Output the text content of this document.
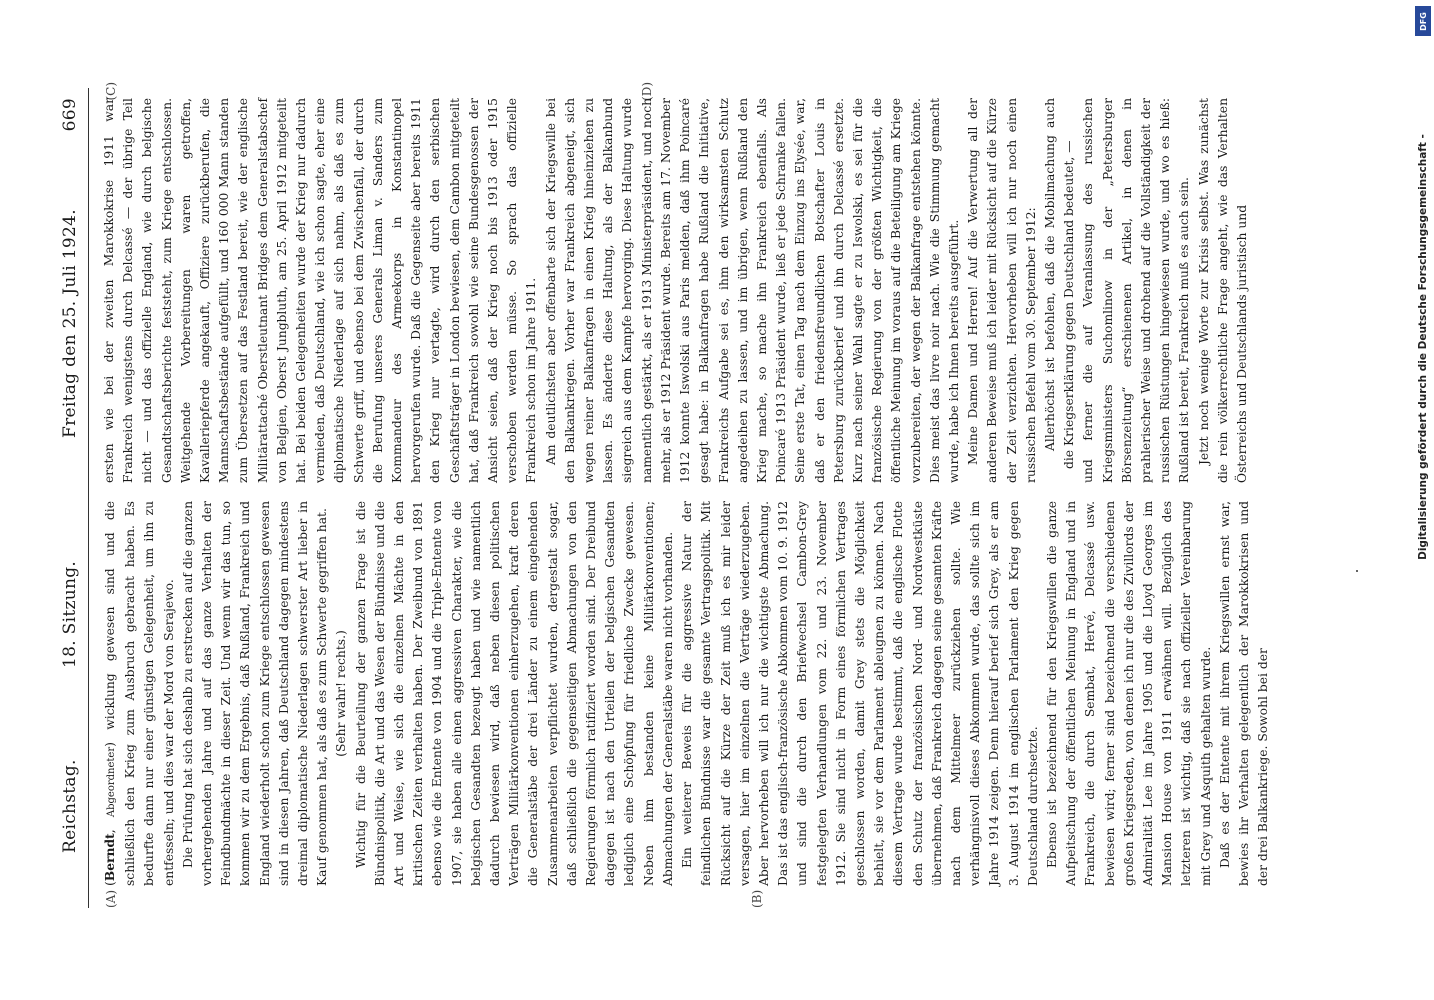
Reichstag.
18. Sitzung.
Freitag den 25. Juli 1924.
669
(A)	(B)
(C)	(D)

(Berndt, Abgeordneter) wicklung gewesen sind und die schließlich den Krieg zum Ausbruch gebracht haben. Es bedurfte dann nur einer günstigen Gelegenheit, um ihn zu entfesseln; und dies war der Mord von Serajewo. Die Prüfung hat sich deshalb zu erstrecken auf die ganzen vorhergehenden Jahre und auf das ganze Verhalten der Feindbundmächte in dieser Zeit. Und wenn wir das tun, so kommen wir zu dem Ergebnis, daß Rußland, Frankreich und England wiederholt schon zum Kriege entschlossen gewesen sind in diesen Jahren, daß Deutschland dagegen mindestens dreimal diplomatische Niederlagen schwerster Art lieber in Kauf genommen hat, als daß es zum Schwerte gegriffen hat. (Sehr wahr! rechts.) Wichtig für die Beurteilung der ganzen Frage ist die Bündnispolitik, die Art und das Wesen der Bündnisse und die Art und Weise, wie sich die einzelnen Mächte in den kritischen Zeiten verhalten haben. Der Zweibund von 1891 ebenso wie die Entente von 1904 und die Triple-Entente von 1907, sie haben alle einen aggressiven Charakter, wie die belgischen Gesandten bezeugt haben und wie namentlich dadurch bewiesen wird, daß neben diesen politischen Verträgen Militärkonventionen einherzugehen, kraft deren die Generalstäbe der drei Länder zu einem eingehenden Zusammenarbeiten verpflichtet wurden, dergestalt sogar, daß schließlich die gegenseitigen Abmachungen von den Regierungen förmlich ratifiziert worden sind. Der Dreibund dagegen ist nach den Urteilen der belgischen Gesandten lediglich eine Schöpfung für friedliche Zwecke gewesen. Neben ihm bestanden keine Militärkonventionen; Abmachungen der Generalstäbe waren nicht vorhanden. Ein weiterer Beweis für die aggressive Natur der feindlichen Bündnisse war die gesamte Vertragspolitik. Mit Rücksicht auf die Kürze der Zeit muß ich es mir leider versagen, hier im einzelnen die Verträge wiederzugeben. Aber hervorheben will ich nur die wichtigste Abmachung. Das ist das englisch-französische Abkommen vom 10. 9. 1912 und sind die durch den Briefwechsel Cambon-Grey festgelegten Verhandlungen vom 22. und 23. November 1912. Sie sind nicht in Form eines förmlichen Vertrages geschlossen worden, damit Grey stets die Möglichkeit behielt, sie vor dem Parlament ableugnen zu können. Nach diesem Vertrage wurde bestimmt, daß die englische Flotte den Schutz der französischen Nord- und Nordwestküste übernehmen, daß Frankreich dagegen seine gesamten Kräfte nach dem Mittelmeer zurückziehen sollte. Wie verhängnisvoll dieses Abkommen wurde, das sollte sich im Jahre 1914 zeigen. Denn hierauf berief sich Grey, als er am 3. August 1914 im englischen Parlament den Krieg gegen Deutschland durchsetzte. Ebenso ist bezeichnend für den Kriegswillen die ganze Aufpeitschung der öffentlichen Meinung in England und in Frankreich, die durch Sembat, Hervé, Delcassé usw. bewiesen wird; ferner sind bezeichnend die verschiedenen großen Kriegsreden, von denen ich nur die des Zivillords der Admiralität Lee im Jahre 1905 und die Lloyd Georges im Mansion House von 1911 erwähnen will. Bezüglich des letzteren ist wichtig, daß sie nach offizieller Vereinbarung mit Grey und Asquith gehalten wurde. Daß es der Entente mit ihrem Kriegswillen ernst war, bewies ihr Verhalten gelegentlich der Marokkokrisen und der drei Balkankriege. Sowohl bei der

ersten wie bei der zweiten Marokkokrise 1911 war Frankreich wenigstens durch Delcassé — der übrige Teil nicht — und das offizielle England, wie durch belgische Gesandtschaftsberichte feststeht, zum Kriege entschlossen. Weitgehende Vorbereitungen waren getroffen, Kavalleriepferde angekauft, Offiziere zurückberufen, die Mannschaftsbestände aufgefüllt, und 160 000 Mann standen zum Übersetzen auf das Festland bereit, wie der englische Militärattaché Oberstleutnant Bridges dem Generalstabschef von Belgien, Oberst Jungbluth, am 25. April 1912 mitgeteilt hat. Bei beiden Gelegenheiten wurde der Krieg nur dadurch vermieden, daß Deutschland, wie ich schon sagte, eher eine diplomatische Niederlage auf sich nahm, als daß es zum Schwerte griff, und ebenso bei dem Zwischenfall, der durch die Berufung unseres Generals Liman v. Sanders zum Kommandeur des Armeekorps in Konstantinopel hervorgerufen wurde. Daß die Gegenseite aber bereits 1911 den Krieg nur vertagte, wird durch den serbischen Geschäftsträger in London bewiesen, dem Cambon mitgeteilt hat, daß Frankreich sowohl wie seine Bundesgenossen der Ansicht seien, daß der Krieg noch bis 1913 oder 1915 verschoben werden müsse. So sprach das offizielle Frankreich schon im Jahre 1911. Am deutlichsten aber offenbarte sich der Kriegswille bei den Balkankriegen. Vorher war Frankreich abgeneigt, sich wegen reiner Balkanfragen in einen Krieg hineinziehen zu lassen. Es änderte diese Haltung, als der Balkanbund siegreich aus dem Kampfe hervorging. Diese Haltung wurde namentlich gestärkt, als er 1913 Ministerpräsident, und noch mehr, als er 1912 Präsident wurde. Bereits am 17. November 1912 konnte Iswolski aus Paris melden, daß ihm Poincaré gesagt habe: in Balkanfragen habe Rußland die Initiative, Frankreichs Aufgabe sei es, ihm den wirksamsten Schutz angedeihen zu lassen, und im übrigen, wenn Rußland den Krieg mache, so mache ihn Frankreich ebenfalls. Als Poincaré 1913 Präsident wurde, ließ er jede Schranke fallen. Seine erste Tat, einen Tag nach dem Einzug ins Elysée, war, daß er den friedensfreundlichen Botschafter Louis in Petersburg zurückberief und ihn durch Delcassé ersetzte. Kurz nach seiner Wahl sagte er zu Iswolski, es sei für die französische Regierung von der größten Wichtigkeit, die öffentliche Meinung im voraus auf die Beteiligung am Kriege vorzubereiten, der wegen der Balkanfrage entstehen könnte. Dies meist das livre noir nach. Wie die Stimmung gemacht wurde, habe ich Ihnen bereits ausgeführt. Meine Damen und Herren! Auf die Verwertung all der anderen Beweise muß ich leider mit Rücksicht auf die Kürze der Zeit verzichten. Hervorheben will ich nur noch einen russischen Befehl vom 30. September 1912: Allerhöchst ist befohlen, daß die Mobilmachung auch die Kriegserklärung gegen Deutschland bedeutet, — und ferner die auf Veranlassung des russischen Kriegsministers Suchomlinow in der „Petersburger Börsenzeitung“ erschienenen Artikel, in denen in prahlerischer Weise und drohend auf die Vollständigkeit der russischen Rüstungen hingewiesen wurde, und wo es hieß: Rußland ist bereit, Frankreich muß es auch sein. Jetzt noch wenige Worte zur Krisis selbst. Was zunächst die rein völkerrechtliche Frage angeht, wie das Verhalten Österreichs und Deutschlands juristisch und

DFG
Digitalisierung gefördert durch die Deutsche Forschungsgemeinschaft -
